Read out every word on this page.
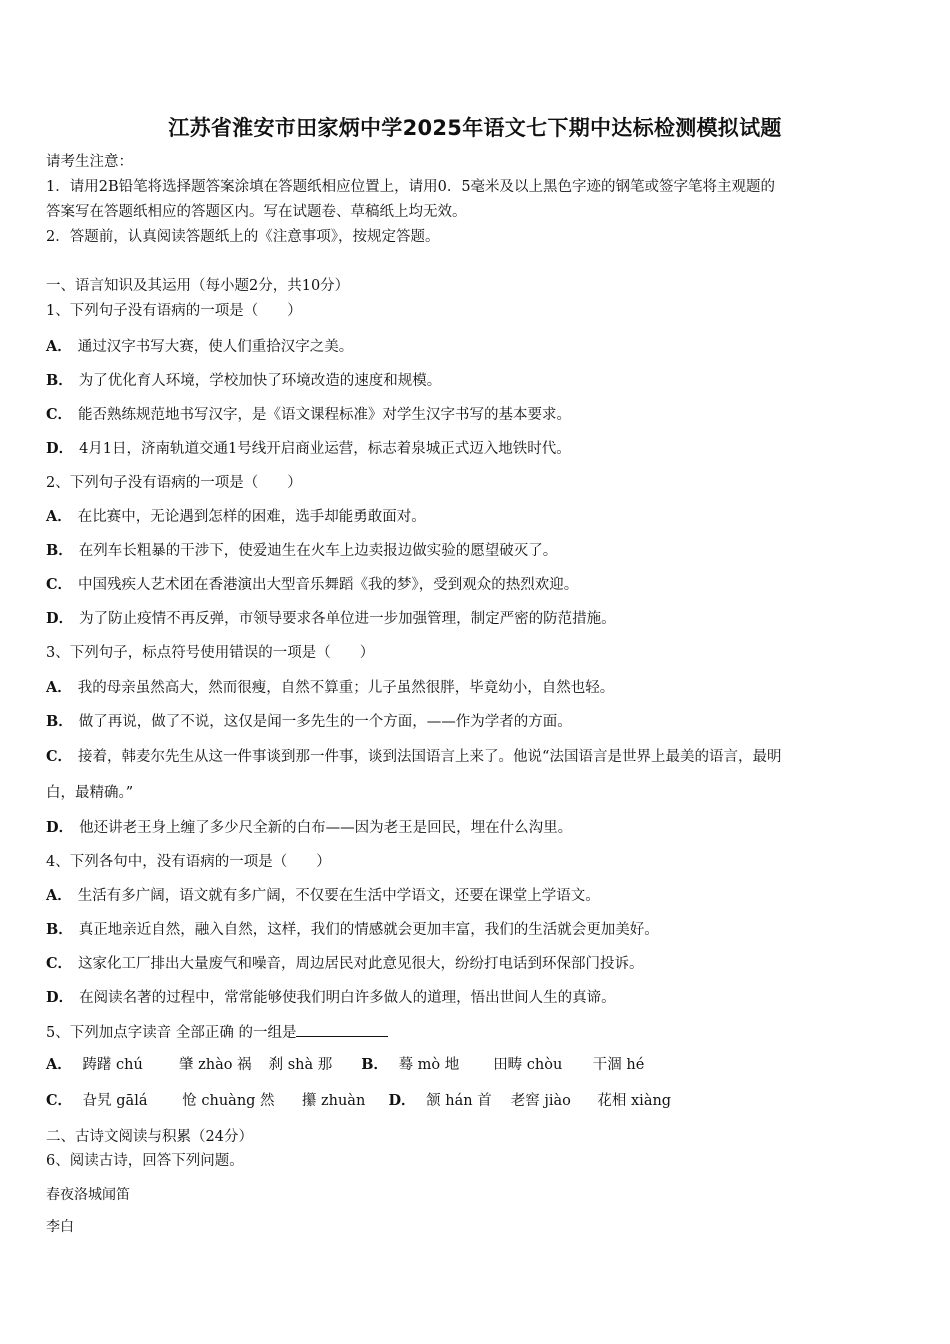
江苏省淮安市田家炳中学2025年语文七下期中达标检测模拟试题
请考生注意：
1．请用2B铅笔将选择题答案涂填在答题纸相应位置上，请用0．5毫米及以上黑色字迹的钢笔或签字笔将主观题的
答案写在答题纸相应的答题区内。写在试题卷、草稿纸上均无效。
2．答题前，认真阅读答题纸上的《注意事项》，按规定答题。
一、语言知识及其运用（每小题2分，共10分）
1、下列句子没有语病的一项是（　　）
A． 通过汉字书写大赛，使人们重拾汉字之美。
B． 为了优化育人环境，学校加快了环境改造的速度和规模。
C． 能否熟练规范地书写汉字，是《语文课程标准》对学生汉字书写的基本要求。
D． 4月1日，济南轨道交通1号线开启商业运营，标志着泉城正式迈入地铁时代。
2、下列句子没有语病的一项是（　　）
A． 在比赛中，无论遇到怎样的困难，选手却能勇敢面对。
B． 在列车长粗暴的干涉下，使爱迪生在火车上边卖报边做实验的愿望破灭了。
C． 中国残疾人艺术团在香港演出大型音乐舞蹈《我的梦》，受到观众的热烈欢迎。
D． 为了防止疫情不再反弹，市领导要求各单位进一步加强管理，制定严密的防范措施。
3、下列句子，标点符号使用错误的一项是（　　）
A． 我的母亲虽然高大，然而很瘦，自然不算重；儿子虽然很胖，毕竟幼小，自然也轻。
B． 做了再说，做了不说，这仅是闻一多先生的一个方面，——作为学者的方面。
C． 接着，韩麦尔先生从这一件事谈到那一件事，谈到法国语言上来了。他说“法国语言是世界上最美的语言，最明
白，最精确。”
D． 他还讲老王身上缠了多少尺全新的白布——因为老王是回民，埋在什么沟里。
4、下列各句中，没有语病的一项是（　　）
A． 生活有多广阔，语文就有多广阔，不仅要在生活中学语文，还要在课堂上学语文。
B． 真正地亲近自然，融入自然，这样，我们的情感就会更加丰富，我们的生活就会更加美好。
C． 这家化工厂排出大量废气和噪音，周边居民对此意见很大，纷纷打电话到环保部门投诉。
D． 在阅读名著的过程中，常常能够使我们明白许多做人的道理，悟出世间人生的真谛。
5、下列加点字读音 全部正确 的一组是
A． 踌躇 chú 肇 zhào 祸 刹 shà 那 B． 蓦 mò 地 田畴 chòu 干涸 hé
C． 旮旯 gālá 怆 chuàng 然 攥 zhuàn D． 颔 hán 首 老窖 jiào 花相 xiàng
二、古诗文阅读与积累（24分）
6、阅读古诗，回答下列问题。
春夜洛城闻笛
李白
